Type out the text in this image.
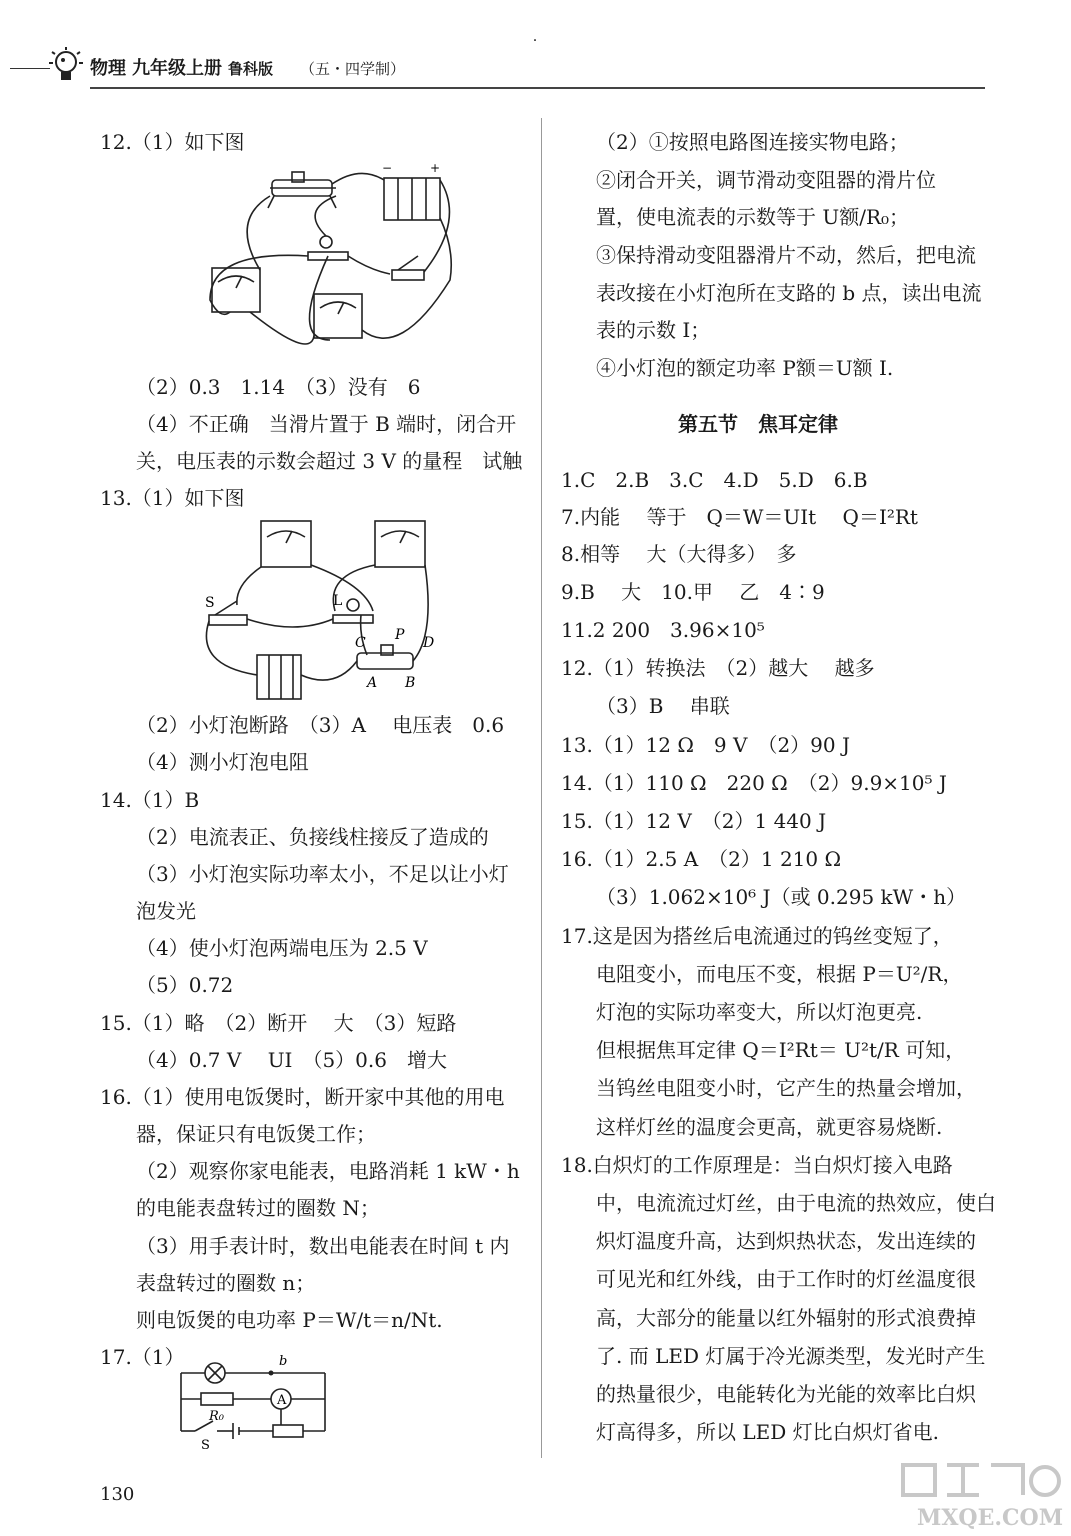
・
物理 九年级上册 鲁科版	（五・四学制）
12.（1）如下图
−	+
（2）0.3　1.14　（3）没有　6
（4）不正确　当滑片置于 B 端时，闭合开
关，电压表的示数会超过 3 V 的量程　试触
13.（1）如下图
S	L
C P D
A B
（2）小灯泡断路　（3）A　 电压表　0.6
（4）测小灯泡电阻
14.（1）B
（2）电流表正、负接线柱接反了造成的
（3）小灯泡实际功率太小，不足以让小灯
泡发光
（4）使小灯泡两端电压为 2.5 V
（5）0.72
15.（1）略　（2）断开　 大　（3）短路
（4）0.7 V　 UI　（5）0.6　增大
16.（1）使用电饭煲时，断开家中其他的用电
器，保证只有电饭煲工作；
（2）观察你家电能表，电路消耗 1 kW・h
的电能表盘转过的圈数 N；
（3）用手表计时，数出电能表在时间 t 内
表盘转过的圈数 n；
则电饭煲的电功率 P＝W/t＝n/Nt.
17.（1）	b
A
R₀
S
130
（2）①按照电路图连接实物电路；
②闭合开关，调节滑动变阻器的滑片位
置，使电流表的示数等于 U额/R₀；
③保持滑动变阻器滑片不动，然后，把电流
表改接在小灯泡所在支路的 b 点，读出电流
表的示数 I；
④小灯泡的额定功率 P额＝U额 I.
第五节　焦耳定律
1.C　2.B　3.C　4.D　5.D　6.B
7.内能　 等于　Q＝W＝UIt　 Q＝I²Rt
8.相等　 大（大得多）　多
9.B　 大　10.甲　 乙　4∶9
11.2 200　3.96×10⁵
12.（1）转换法　（2）越大　 越多
（3）B　 串联
13.（1）12 Ω　9 V　（2）90 J
14.（1）110 Ω　220 Ω　（2）9.9×10⁵ J
15.（1）12 V　（2）1 440 J
16.（1）2.5 A　（2）1 210 Ω
（3）1.062×10⁶ J（或 0.295 kW・h）
17.这是因为搭丝后电流通过的钨丝变短了，
电阻变小，而电压不变，根据 P＝U²/R，
灯泡的实际功率变大，所以灯泡更亮.
但根据焦耳定律 Q＝I²Rt＝ U²t/R 可知，
当钨丝电阻变小时，它产生的热量会增加，
这样灯丝的温度会更高，就更容易烧断.
18.白炽灯的工作原理是：当白炽灯接入电路
中，电流流过灯丝，由于电流的热效应，使白
炽灯温度升高，达到炽热状态，发出连续的
可见光和红外线，由于工作时的灯丝温度很
高，大部分的能量以红外辐射的形式浪费掉
了. 而 LED 灯属于冷光源类型，发光时产生
的热量很少，电能转化为光能的效率比白炽
灯高得多，所以 LED 灯比白炽灯省电.
MXQE.COM
